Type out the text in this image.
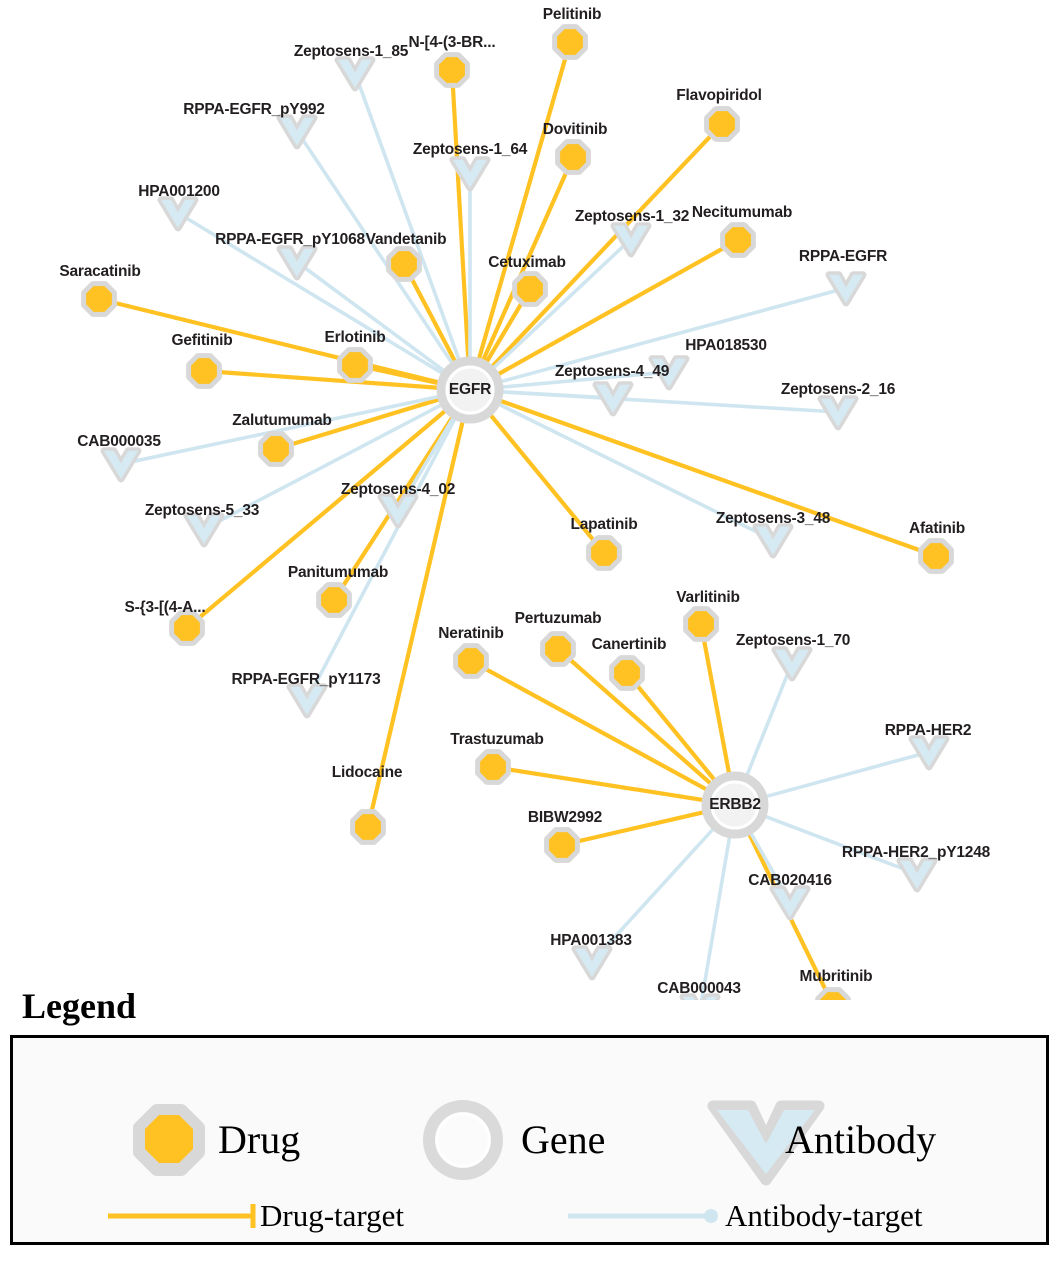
Pelitinib
N-[4-(3-BR...
Flavopiridol
Dovitinib
Necitumumab
Vandetanib
Cetuximab
Saracatinib
Gefitinib	Erlotinib
Zalutumumab
Afatinib
Lapatinib
Panitumumab
S-{3-[(4-A...
Varlitinib
Neratinib
Pertuzumab
Canertinib
Trastuzumab
Lidocaine
BIBW2992
Mubritinib
Zeptosens-1_85
RPPA-EGFR_pY992
Zeptosens-1_64
HPA001200
Zeptosens-1_32
RPPA-EGFR_pY1068
RPPA-EGFR
HPA018530
Zeptosens-4_49
Zeptosens-2_16
CAB000035
Zeptosens-5_33
Zeptosens-4_02
Zeptosens-3_48
Zeptosens-1_70
RPPA-EGFR_pY1173
RPPA-HER2
RPPA-HER2_pY1248
CAB020416
HPA001383
CAB000043
EGFR
ERBB2
Legend
Drug	Gene	Antibody
Drug-target	Antibody-target
